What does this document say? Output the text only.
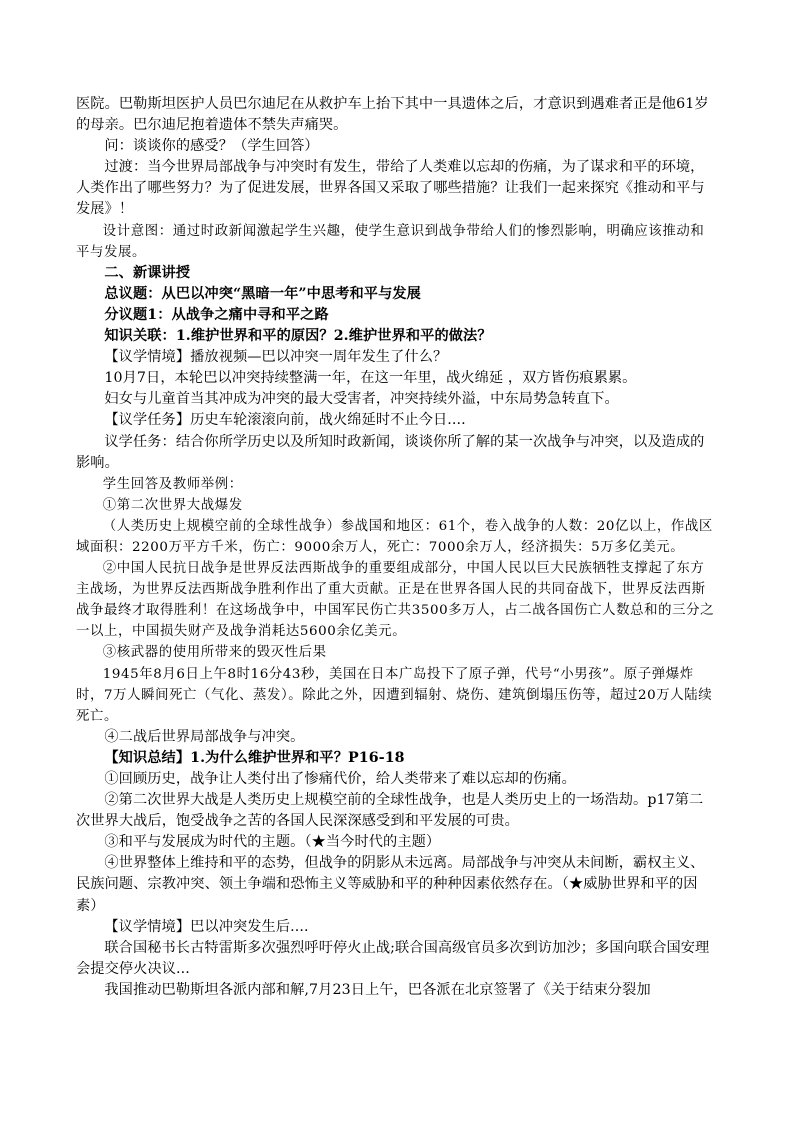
医院。巴勒斯坦医护人员巴尔迪尼在从救护车上抬下其中一具遗体之后，才意识到遇难者正是他61岁的母亲。巴尔迪尼抱着遗体不禁失声痛哭。

问：谈谈你的感受？（学生回答）

过渡：当今世界局部战争与冲突时有发生，带给了人类难以忘却的伤痛，为了谋求和平的环境，人类作出了哪些努力？为了促进发展，世界各国又采取了哪些措施？让我们一起来探究《推动和平与发展》！

设计意图：通过时政新闻激起学生兴趣，使学生意识到战争带给人们的惨烈影响，明确应该推动和平与发展。

二、新课讲授

总议题：从巴以冲突“黑暗一年”中思考和平与发展

分议题1：从战争之痛中寻和平之路

知识关联：1.维护世界和平的原因？2.维护世界和平的做法？

【议学情境】播放视频—巴以冲突一周年发生了什么？

10月7日，本轮巴以冲突持续整满一年，在这一年里，战火绵延 ，双方皆伤痕累累。

妇女与儿童首当其冲成为冲突的最大受害者，冲突持续外溢，中东局势急转直下。

【议学任务】历史车轮滚滚向前，战火绵延时不止今日....

议学任务：结合你所学历史以及所知时政新闻，谈谈你所了解的某一次战争与冲突，以及造成的影响。

学生回答及教师举例：

①第二次世界大战爆发

（人类历史上规模空前的全球性战争）参战国和地区：61个，卷入战争的人数：20亿以上，作战区域面积：2200万平方千米，伤亡：9000余万人，死亡：7000余万人，经济损失：5万多亿美元。

②中国人民抗日战争是世界反法西斯战争的重要组成部分，中国人民以巨大民族牺牲支撑起了东方主战场，为世界反法西斯战争胜利作出了重大贡献。正是在世界各国人民的共同奋战下，世界反法西斯战争最终才取得胜利！在这场战争中，中国军民伤亡共3500多万人，占二战各国伤亡人数总和的三分之一以上，中国损失财产及战争消耗达5600余亿美元。

③核武器的使用所带来的毁灭性后果

1945年8月6日上午8时16分43秒，美国在日本广岛投下了原子弹，代号“小男孩”。原子弹爆炸时，7万人瞬间死亡（气化、蒸发）。除此之外，因遭到辐射、烧伤、建筑倒塌压伤等，超过20万人陆续死亡。

④二战后世界局部战争与冲突。

【知识总结】1.为什么维护世界和平？P16-18

①回顾历史，战争让人类付出了惨痛代价，给人类带来了难以忘却的伤痛。

②第二次世界大战是人类历史上规模空前的全球性战争，也是人类历史上的一场浩劫。p17第二次世界大战后，饱受战争之苦的各国人民深深感受到和平发展的可贵。

③和平与发展成为时代的主题。（★当今时代的主题）

④世界整体上维持和平的态势，但战争的阴影从未远离。局部战争与冲突从未间断，霸权主义、民族问题、宗教冲突、领土争端和恐怖主义等威胁和平的种种因素依然存在。（★威胁世界和平的因素）

【议学情境】巴以冲突发生后....

联合国秘书长古特雷斯多次强烈呼吁停火止战;联合国高级官员多次到访加沙；多国向联合国安理会提交停火决议...

我国推动巴勒斯坦各派内部和解,7月23日上午，巴各派在北京签署了《关于结束分裂加
